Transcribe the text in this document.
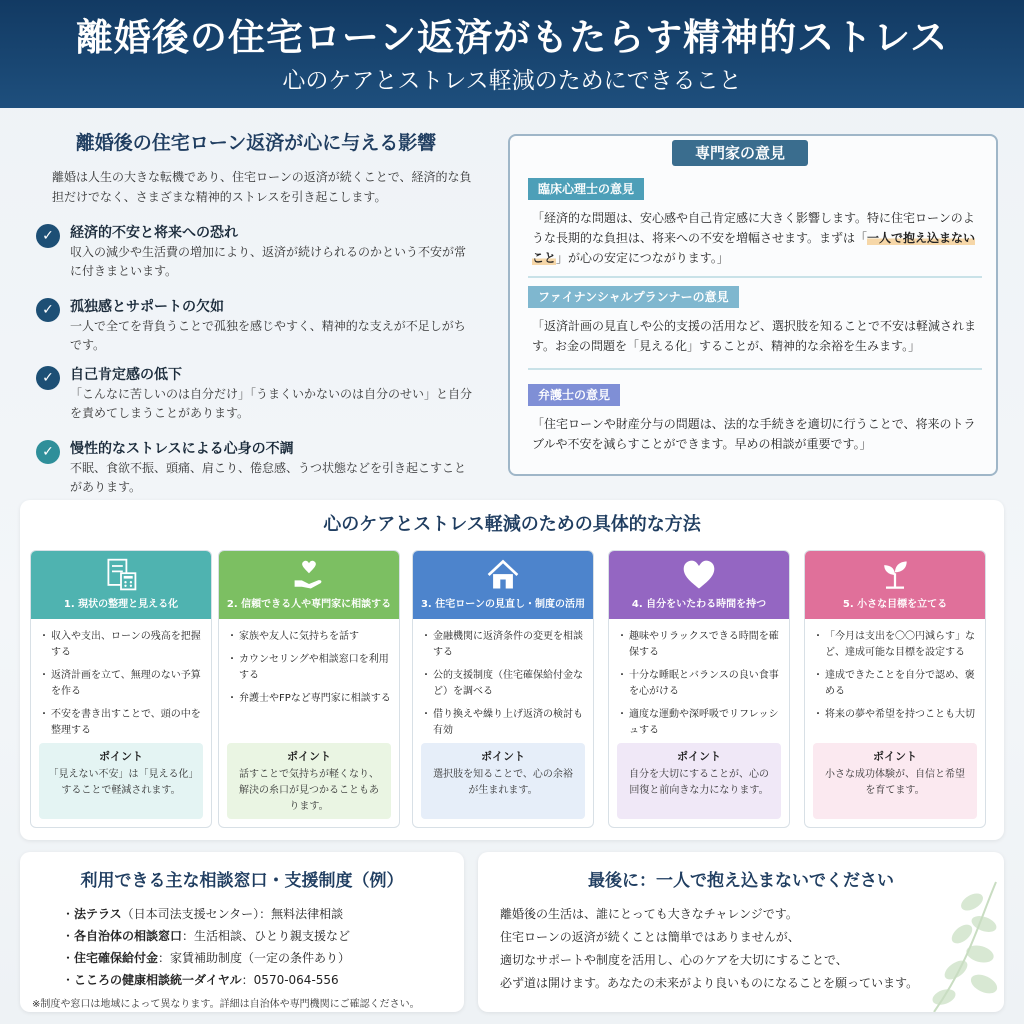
離婚後の住宅ローン返済がもたらす精神的ストレス
心のケアとストレス軽減のためにできること
離婚後の住宅ローン返済が心に与える影響

離婚は人生の大きな転機であり、住宅ローンの返済が続くことで、経済的な負担だけでなく、さまざまな精神的ストレスを引き起こします。

✓	経済的不安と将来への恐れ

収入の減少や生活費の増加により、返済が続けられるのかという不安が常に付きまといます。

✓	孤独感とサポートの欠如

一人で全てを背負うことで孤独を感じやすく、精神的な支えが不足しがちです。

✓	自己肯定感の低下

「こんなに苦しいのは自分だけ」「うまくいかないのは自分のせい」と自分を責めてしまうことがあります。

✓	慢性的なストレスによる心身の不調

不眠、食欲不振、頭痛、肩こり、倦怠感、うつ状態などを引き起こすことがあります。

専門家の意見
臨床心理士の意見

「経済的な問題は、安心感や自己肯定感に大きく影響します。特に住宅ローンのような長期的な負担は、将来への不安を増幅させます。まずは「一人で抱え込まないこと」が心の安定につながります。」

ファイナンシャルプランナーの意見

「返済計画の見直しや公的支援の活用など、選択肢を知ることで不安は軽減されます。お金の問題を「見える化」することが、精神的な余裕を生みます。」

弁護士の意見

「住宅ローンや財産分与の問題は、法的な手続きを適切に行うことで、将来のトラブルや不安を減らすことができます。早めの相談が重要です。」

心のケアとストレス軽減のための具体的な方法
1. 現状の整理と見える化
・ 収入や支出、ローンの残高を把握する
・ 返済計画を立て、無理のない予算を作る
・ 不安を書き出すことで、頭の中を整理する
ポイント
「見えない不安」は「見える化」することで軽減されます。
2. 信頼できる人や専門家に相談する
・ 家族や友人に気持ちを話す
・ カウンセリングや相談窓口を利用する
・ 弁護士やFPなど専門家に相談する
ポイント
話すことで気持ちが軽くなり、解決の糸口が見つかることもあります。
3. 住宅ローンの見直し・制度の活用
・ 金融機関に返済条件の変更を相談する
・ 公的支援制度（住宅確保給付金など）を調べる
・ 借り換えや繰り上げ返済の検討も有効
ポイント
選択肢を知ることで、心の余裕が生まれます。
4. 自分をいたわる時間を持つ
・ 趣味やリラックスできる時間を確保する
・ 十分な睡眠とバランスの良い食事を心がける
・ 適度な運動や深呼吸でリフレッシュする
ポイント
自分を大切にすることが、心の回復と前向きな力になります。
5. 小さな目標を立てる
・ 「今月は支出を〇〇円減らす」など、達成可能な目標を設定する
・ 達成できたことを自分で認め、褒める
・ 将来の夢や希望を持つことも大切
ポイント
小さな成功体験が、自信と希望を育てます。
利用できる主な相談窓口・支援制度（例）
・ 法テラス（日本司法支援センター）：無料法律相談
・ 各自治体の相談窓口：生活相談、ひとり親支援など
・ 住宅確保給付金：家賃補助制度（一定の条件あり）
・ こころの健康相談統一ダイヤル：0570-064-556

※制度や窓口は地域によって異なります。詳細は自治体や専門機関にご確認ください。

最後に：一人で抱え込まないでください

離婚後の生活は、誰にとっても大きなチャレンジです。
住宅ローンの返済が続くことは簡単ではありませんが、
適切なサポートや制度を活用し、心のケアを大切にすることで、
必ず道は開けます。あなたの未来がより良いものになることを願っています。
